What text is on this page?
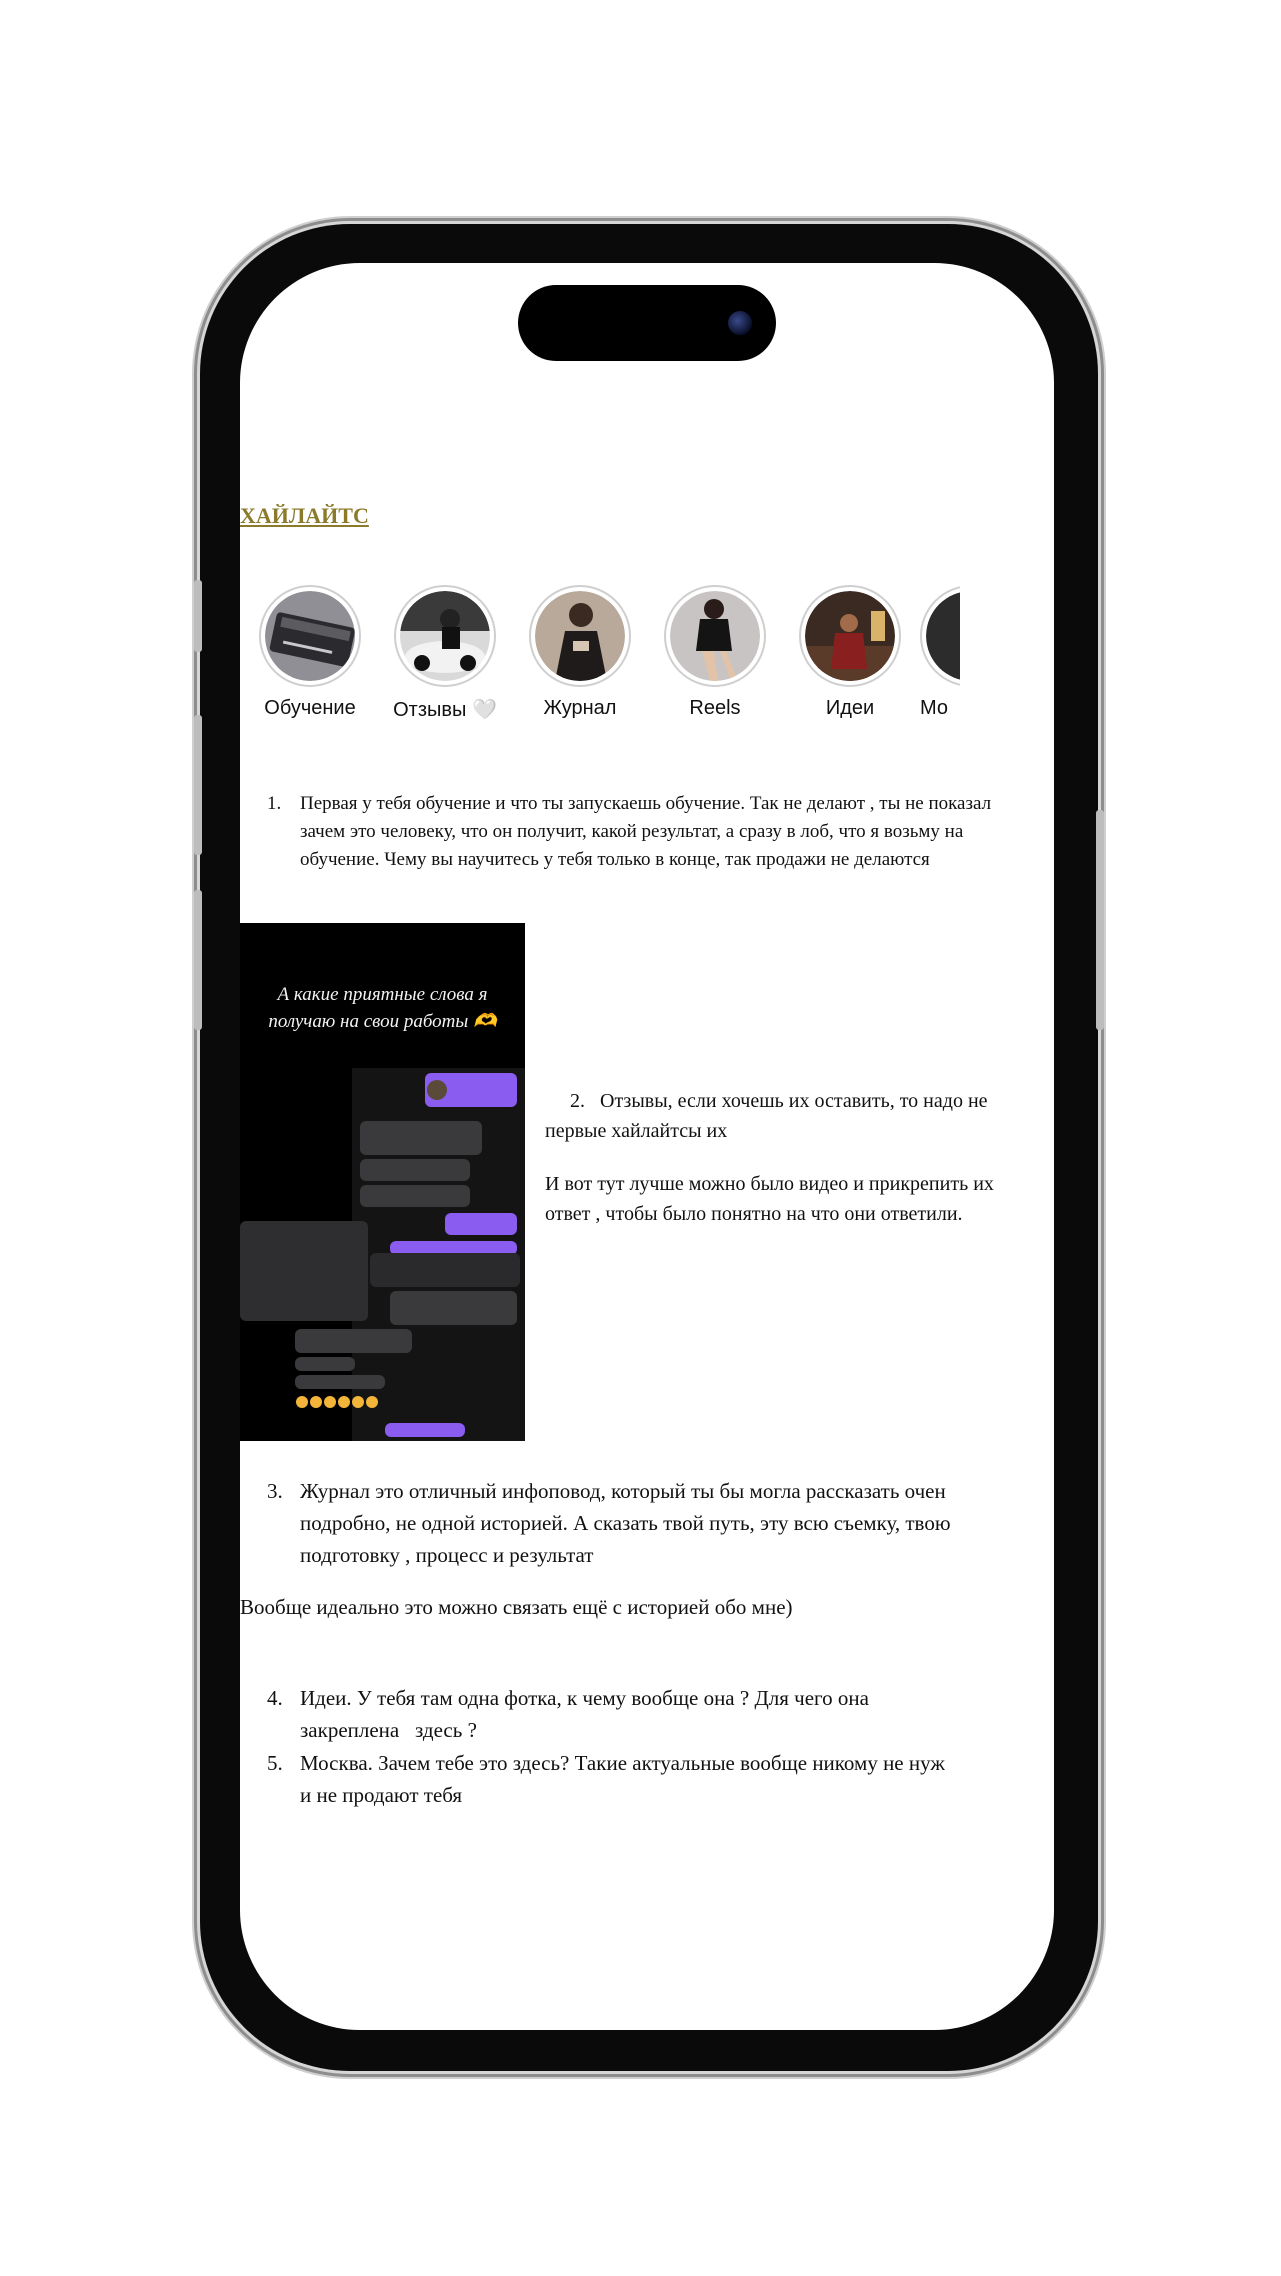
ХАЙЛАЙТС
Обучение	Отзывы 🤍	Журнал	Reels	Идеи	Мо
1. Первая у тебя обучение и что ты запускаешь обучение. Так не делают , ты не показал
зачем это человеку, что он получит, какой результат, а сразу в лоб, что я возьму на
обучение. Чему вы научитесь у тебя только в конце, так продажи не делаются
А какие приятные слова я
получаю на свои работы 🫶
2.   Отзывы, если хочешь их оставить, то надо не
первые хайлайтсы их
И вот тут лучше можно было видео и прикрепить их
ответ , чтобы было понятно на что они ответили.
3. Журнал это отличный инфоповод, который ты бы могла рассказать очен
подробно, не одной историей. А сказать твой путь, эту всю съемку, твою
подготовку , процесс и результат
Вообще идеально это можно связать ещё с историей обо мне)
4. Идеи. У тебя там одна фотка, к чему вообще она ? Для чего она
закреплена   здесь ?
5. Москва. Зачем тебе это здесь? Такие актуальные вообще никому не нуж
и не продают тебя
